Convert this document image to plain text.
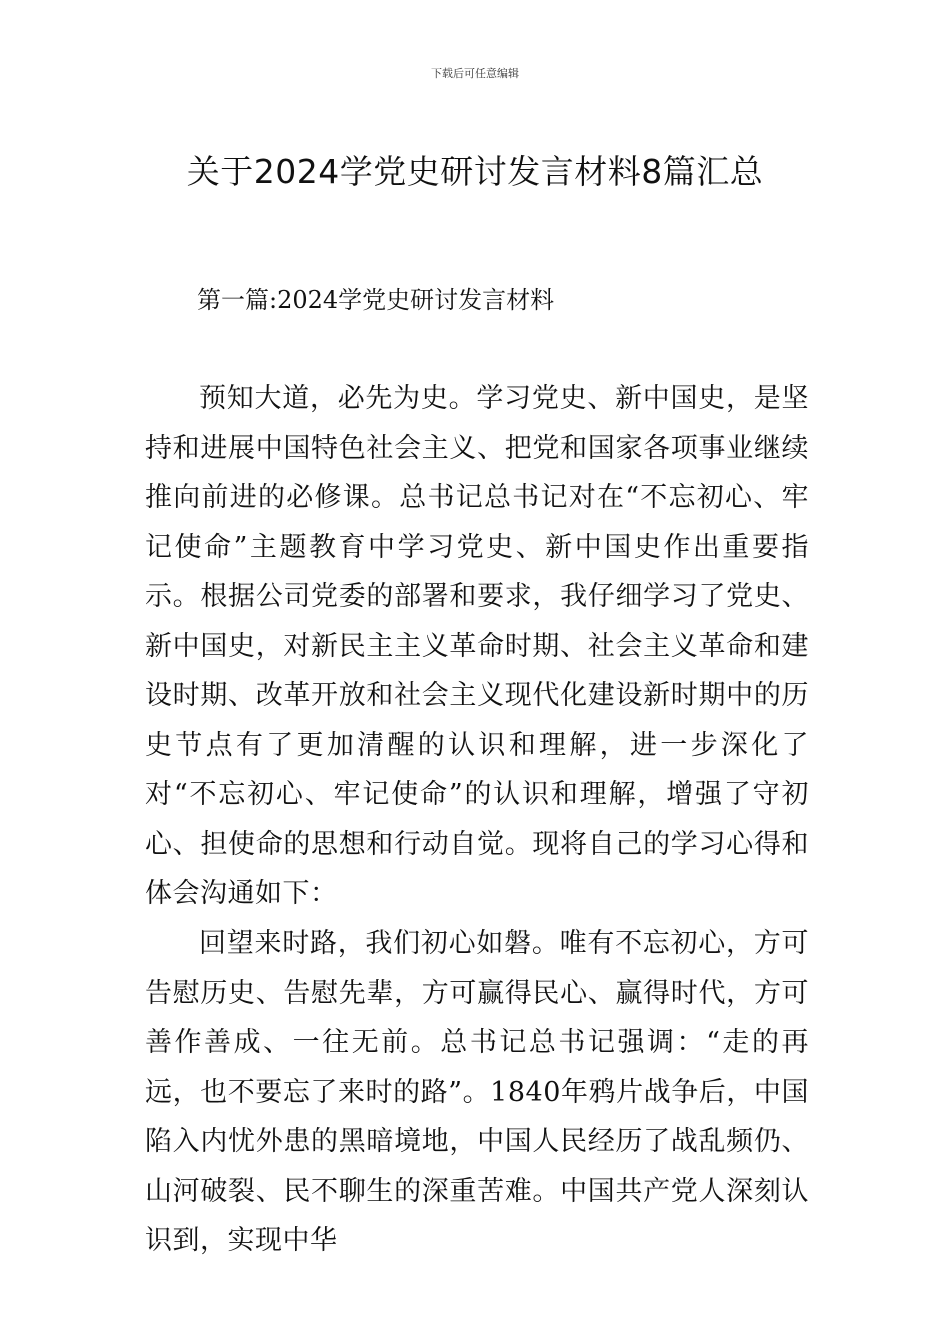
下载后可任意编辑
关于2024学党史研讨发言材料8篇汇总
第一篇:2024学党史研讨发言材料

预知大道，必先为史。学习党史、新中国史，是坚持和进展中国特色社会主义、把党和国家各项事业继续推向前进的必修课。总书记总书记对在“不忘初心、牢记使命”主题教育中学习党史、新中国史作出重要指示。根据公司党委的部署和要求，我仔细学习了党史、新中国史，对新民主主义革命时期、社会主义革命和建设时期、改革开放和社会主义现代化建设新时期中的历史节点有了更加清醒的认识和理解，进一步深化了对“不忘初心、牢记使命”的认识和理解，增强了守初心、担使命的思想和行动自觉。现将自己的学习心得和体会沟通如下：

回望来时路，我们初心如磐。唯有不忘初心，方可告慰历史、告慰先辈，方可赢得民心、赢得时代，方可善作善成、一往无前。总书记总书记强调：“走的再远，也不要忘了来时的路”。1840年鸦片战争后，中国陷入内忧外患的黑暗境地，中国人民经历了战乱频仍、山河破裂、民不聊生的深重苦难。中国共产党人深刻认识到，实现中华
